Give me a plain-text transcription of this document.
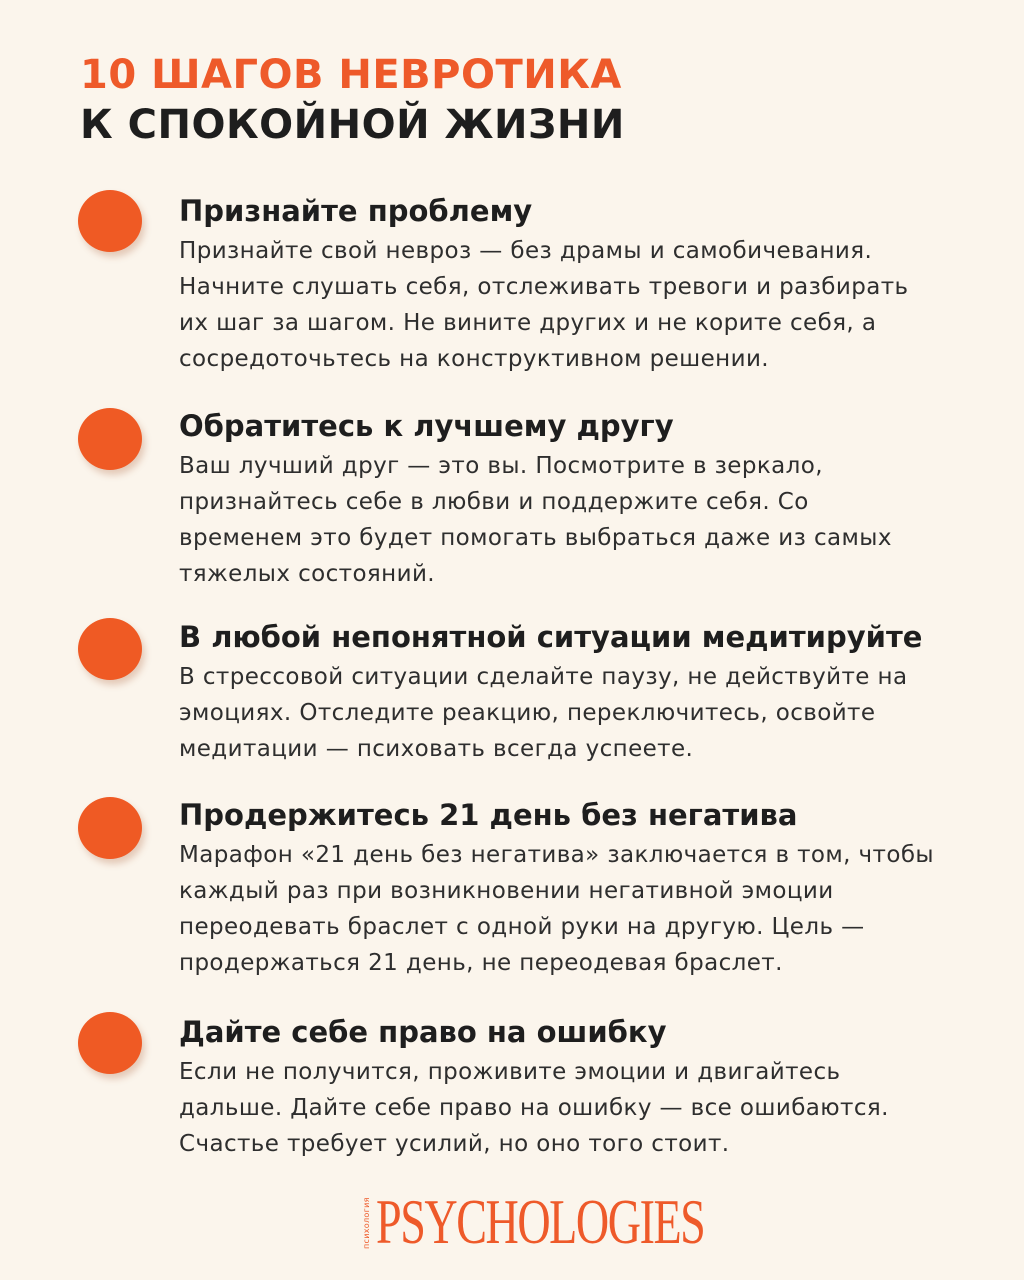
10 ШАГОВ НЕВРОТИКА
К СПОКОЙНОЙ ЖИЗНИ
Признайте проблему

Признайте свой невроз — без драмы и самобичевания.
Начните слушать себя, отслеживать тревоги и разбирать
их шаг за шагом. Не вините других и не корите себя, а
сосредоточьтесь на конструктивном решении.

Обратитесь к лучшему другу

Ваш лучший друг — это вы. Посмотрите в зеркало,
признайтесь себе в любви и поддержите себя. Со
временем это будет помогать выбраться даже из самых
тяжелых состояний.

В любой непонятной ситуации медитируйте

В стрессовой ситуации сделайте паузу, не действуйте на
эмоциях. Отследите реакцию, переключитесь, освойте
медитации — психовать всегда успеете.

Продержитесь 21 день без негатива

Марафон «21 день без негатива» заключается в том, чтобы
каждый раз при возникновении негативной эмоции
переодевать браслет с одной руки на другую. Цель —
продержаться 21 день, не переодевая браслет.

Дайте себе право на ошибку

Если не получится, проживите эмоции и двигайтесь
дальше. Дайте себе право на ошибку — все ошибаются.
Счастье требует усилий, но оно того стоит.

психология PSYCHOLOGIES
